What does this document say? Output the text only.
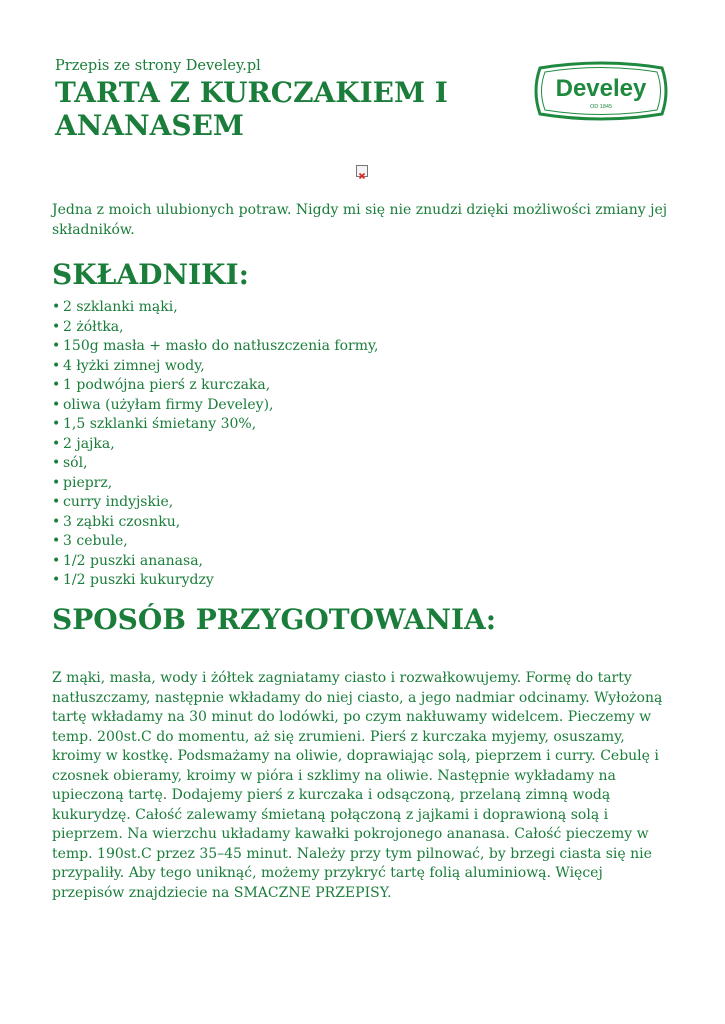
Przepis ze strony Develey.pl
TARTA Z KURCZAKIEM I ANANASEM
Develey
OD 1845

Jedna z moich ulubionych potraw. Nigdy mi się nie znudzi dzięki możliwości zmiany jej składników.

SKŁADNIKI:
• 2 szklanki mąki,
• 2 żółtka,
• 150g masła + masło do natłuszczenia formy,
• 4 łyżki zimnej wody,
• 1 podwójna pierś z kurczaka,
• oliwa (użyłam firmy Develey),
• 1,5 szklanki śmietany 30%,
• 2 jajka,
• sól,
• pieprz,
• curry indyjskie,
• 3 ząbki czosnku,
• 3 cebule,
• 1/2 puszki ananasa,
• 1/2 puszki kukurydzy
SPOSÓB PRZYGOTOWANIA:

Z mąki, masła, wody i żółtek zagniatamy ciasto i rozwałkowujemy. Formę do tarty natłuszczamy, następnie wkładamy do niej ciasto, a jego nadmiar odcinamy. Wyłożoną tartę wkładamy na 30 minut do lodówki, po czym nakłuwamy widelcem. Pieczemy w temp. 200st.C do momentu, aż się zrumieni. Pierś z kurczaka myjemy, osuszamy, kroimy w kostkę. Podsmażamy na oliwie, doprawiając solą, pieprzem i curry. Cebulę i czosnek obieramy, kroimy w pióra i szklimy na oliwie. Następnie wykładamy na upieczoną tartę. Dodajemy pierś z kurczaka i odsączoną, przelaną zimną wodą kukurydzę. Całość zalewamy śmietaną połączoną z jajkami i doprawioną solą i pieprzem. Na wierzchu układamy kawałki pokrojonego ananasa. Całość pieczemy w temp. 190st.C przez 35–45 minut. Należy przy tym pilnować, by brzegi ciasta się nie przypaliły. Aby tego uniknąć, możemy przykryć tartę folią aluminiową. Więcej przepisów znajdziecie na SMACZNE PRZEPISY.
